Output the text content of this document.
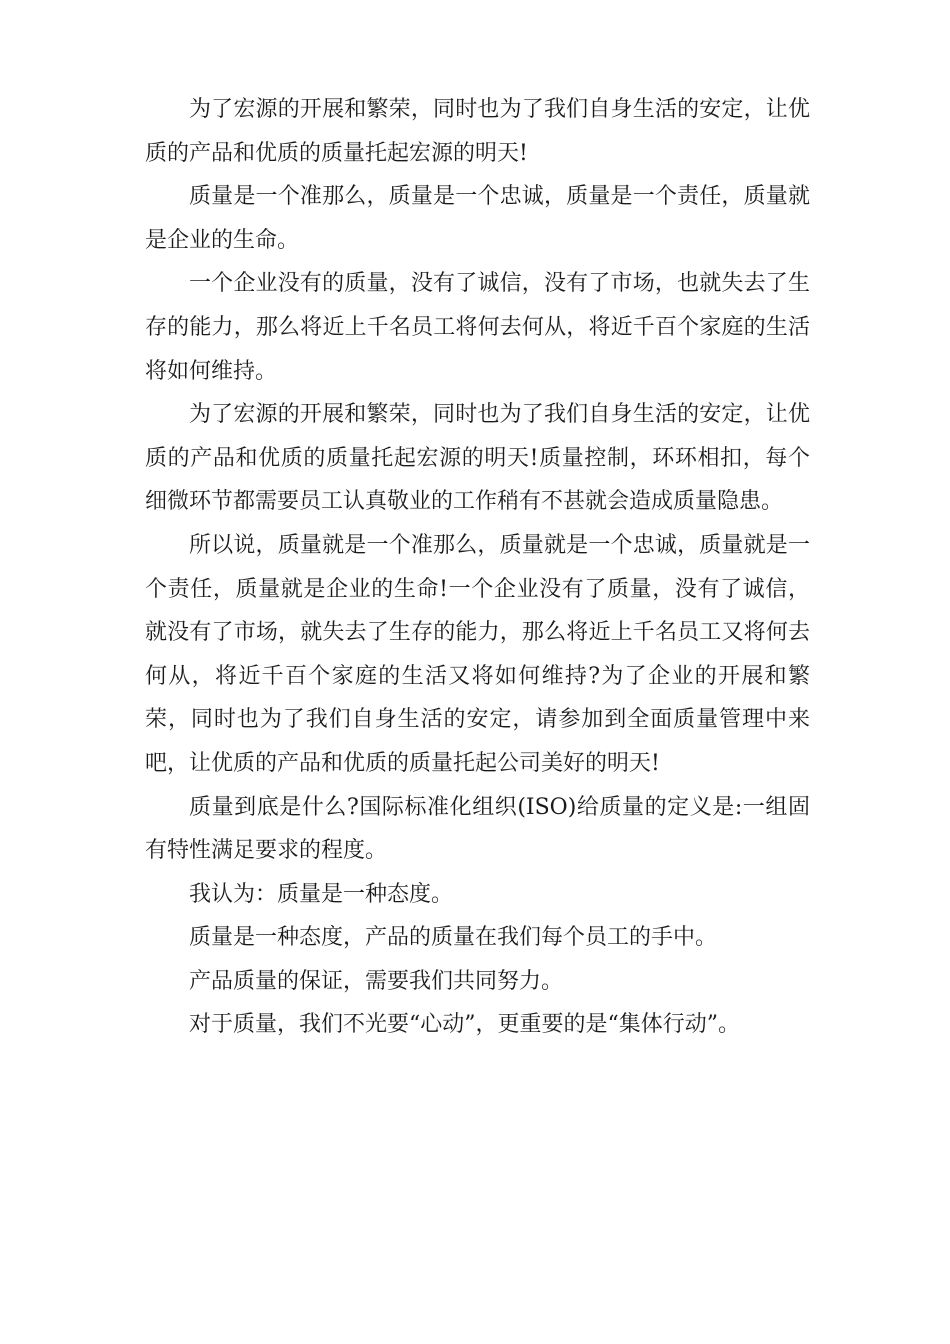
为了宏源的开展和繁荣，同时也为了我们自身生活的安定，让优质的产品和优质的质量托起宏源的明天!

质量是一个准那么，质量是一个忠诚，质量是一个责任，质量就是企业的生命。

一个企业没有的质量，没有了诚信，没有了市场，也就失去了生存的能力，那么将近上千名员工将何去何从，将近千百个家庭的生活将如何维持。

为了宏源的开展和繁荣，同时也为了我们自身生活的安定，让优质的产品和优质的质量托起宏源的明天!质量控制，环环相扣，每个细微环节都需要员工认真敬业的工作稍有不甚就会造成质量隐患。

所以说，质量就是一个准那么，质量就是一个忠诚，质量就是一个责任，质量就是企业的生命!一个企业没有了质量，没有了诚信，就没有了市场，就失去了生存的能力，那么将近上千名员工又将何去何从，将近千百个家庭的生活又将如何维持?为了企业的开展和繁荣，同时也为了我们自身生活的安定，请参加到全面质量管理中来吧，让优质的产品和优质的质量托起公司美好的明天!

质量到底是什么?国际标准化组织(ISO)给质量的定义是:一组固有特性满足要求的程度。

我认为：质量是一种态度。

质量是一种态度，产品的质量在我们每个员工的手中。

产品质量的保证，需要我们共同努力。

对于质量，我们不光要“心动”，更重要的是“集体行动”。
